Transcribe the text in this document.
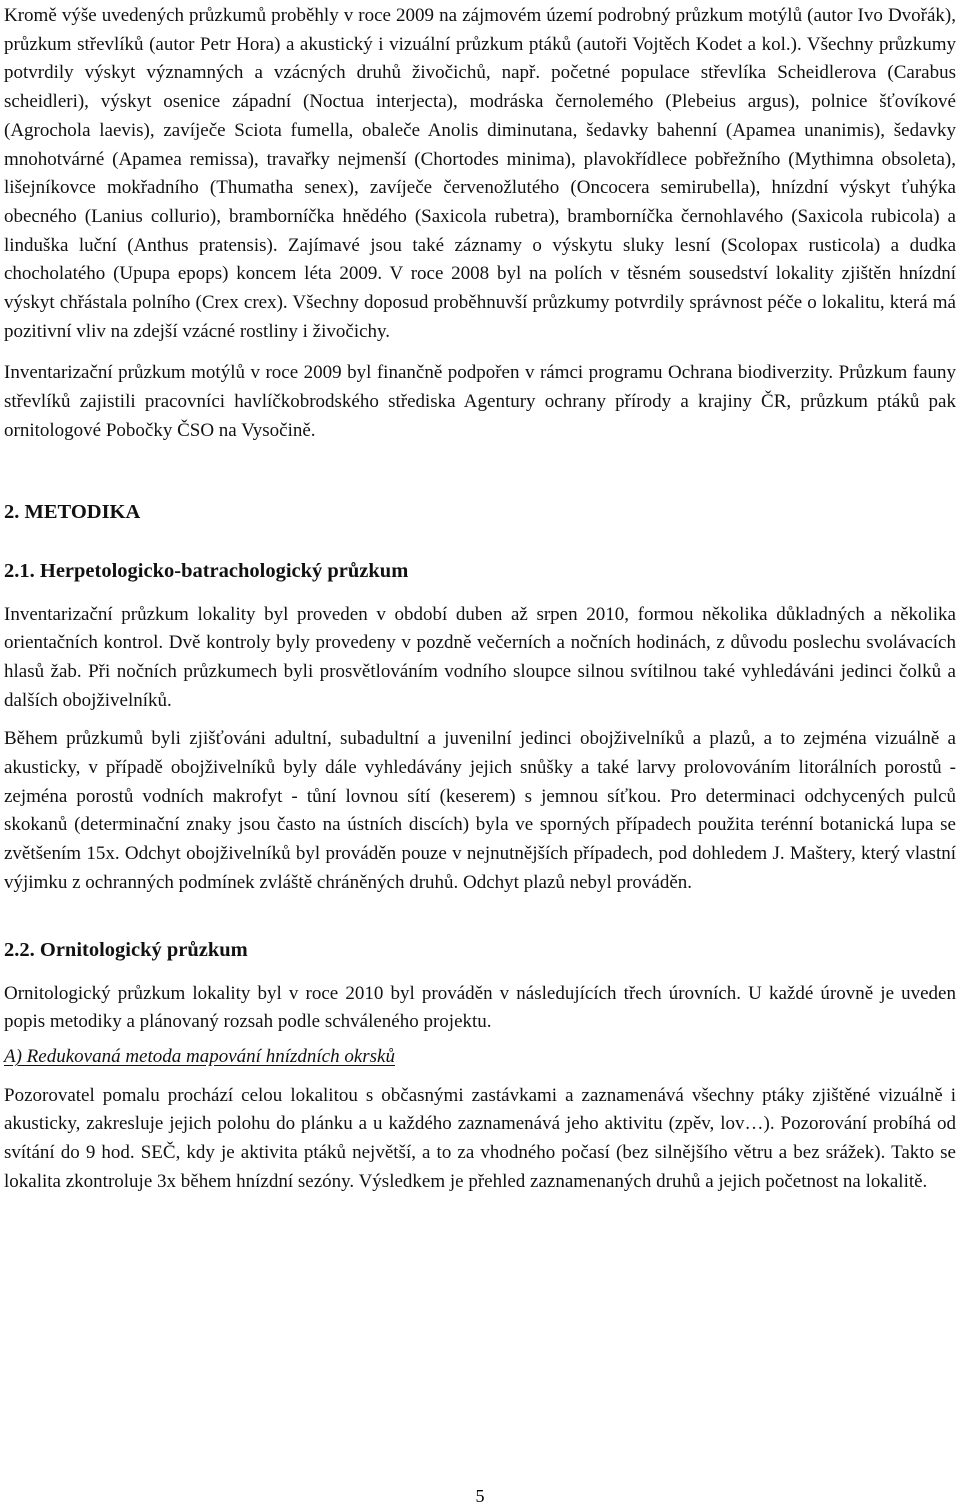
Kromě výše uvedených průzkumů proběhly v roce 2009 na zájmovém území podrobný průzkum motýlů (autor Ivo Dvořák), průzkum střevlíků (autor Petr Hora) a akustický i vizuální průzkum ptáků (autoři Vojtěch Kodet a kol.). Všechny průzkumy potvrdily výskyt významných a vzácných druhů živočichů, např. početné populace střevlíka Scheidlerova (Carabus scheidleri), výskyt osenice západní (Noctua interjecta), modráska černolemého (Plebeius argus), polnice šťovíkové (Agrochola laevis), zavíječe Sciota fumella, obaleče Anolis diminutana, šedavky bahenní (Apamea unanimis), šedavky mnohotvárné (Apamea remissa), travařky nejmenší (Chortodes minima), plavokřídlece pobřežního (Mythimna obsoleta), lišejníkovce mokřadního (Thumatha senex), zavíječe červenožlutého (Oncocera semirubella), hnízdní výskyt ťuhýka obecného (Lanius collurio), bramborníčka hnědého (Saxicola rubetra), bramborníčka černohlavého (Saxicola rubicola) a linduška luční (Anthus pratensis). Zajímavé jsou také záznamy o výskytu sluky lesní (Scolopax rusticola) a dudka chocholatého (Upupa epops) koncem léta 2009. V roce 2008 byl na polích v těsném sousedství lokality zjištěn hnízdní výskyt chřástala polního (Crex crex). Všechny doposud proběhnuvší průzkumy potvrdily správnost péče o lokalitu, která má pozitivní vliv na zdejší vzácné rostliny i živočichy.

Inventarizační průzkum motýlů v roce 2009 byl finančně podpořen v rámci programu Ochrana biodiverzity. Průzkum fauny střevlíků zajistili pracovníci havlíčkobrodského střediska Agentury ochrany přírody a krajiny ČR, průzkum ptáků pak ornitologové Pobočky ČSO na Vysočině.

2. METODIKA
2.1. Herpetologicko-batrachologický průzkum

Inventarizační průzkum lokality byl proveden v období duben až srpen 2010, formou několika důkladných a několika orientačních kontrol. Dvě kontroly byly provedeny v pozdně večerních a nočních hodinách, z důvodu poslechu svolávacích hlasů žab. Při nočních průzkumech byli prosvětlováním vodního sloupce silnou svítilnou také vyhledáváni jedinci čolků a dalších obojživelníků.

Během průzkumů byli zjišťováni adultní, subadultní a juvenilní jedinci obojživelníků a plazů, a to zejména vizuálně a akusticky, v případě obojživelníků byly dále vyhledávány jejich snůšky a také larvy prolovováním litorálních porostů - zejména porostů vodních makrofyt - tůní lovnou sítí (keserem) s jemnou síťkou. Pro determinaci odchycených pulců skokanů (determinační znaky jsou často na ústních discích) byla ve sporných případech použita terénní botanická lupa se zvětšením 15x. Odchyt obojživelníků byl prováděn pouze v nejnutnějších případech, pod dohledem J. Maštery, který vlastní výjimku z ochranných podmínek zvláště chráněných druhů. Odchyt plazů nebyl prováděn.

2.2. Ornitologický průzkum

Ornitologický průzkum lokality byl v roce 2010 byl prováděn v následujících třech úrovních. U každé úrovně je uveden popis metodiky a plánovaný rozsah podle schváleného projektu.

A) Redukovaná metoda mapování hnízdních okrsků

Pozorovatel pomalu prochází celou lokalitou s občasnými zastávkami a zaznamenává všechny ptáky zjištěné vizuálně i akusticky, zakresluje jejich polohu do plánku a u každého zaznamenává jeho aktivitu (zpěv, lov…). Pozorování probíhá od svítání do 9 hod. SEČ, kdy je aktivita ptáků největší, a to za vhodného počasí (bez silnějšího větru a bez srážek). Takto se lokalita zkontroluje 3x během hnízdní sezóny. Výsledkem je přehled zaznamenaných druhů a jejich početnost na lokalitě.

5
